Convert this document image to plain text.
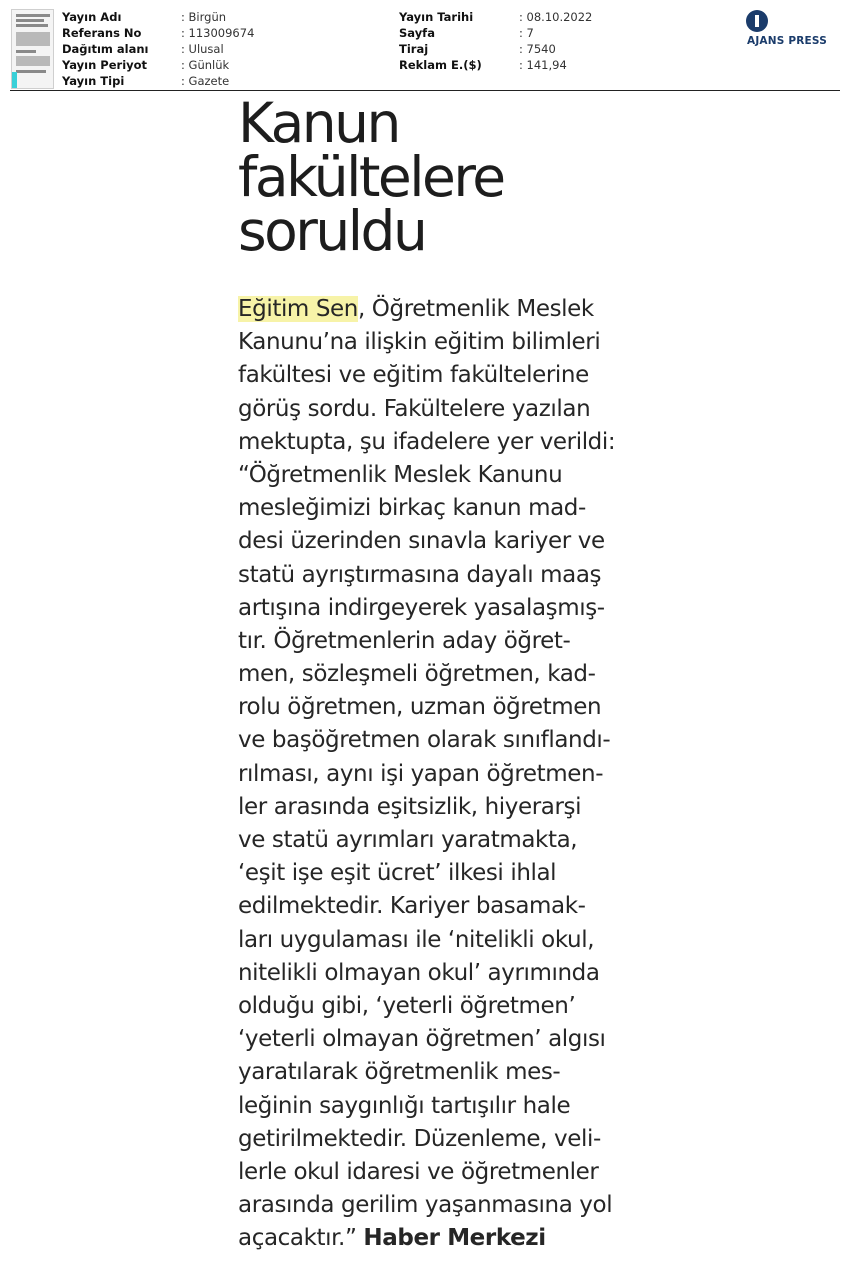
Yayın Adı	: Birgün
Referans No	: 113009674
Dağıtım alanı	: Ulusal
Yayın Periyot	: Günlük
Yayın Tipi	: Gazete
Yayın Tarihi	: 08.10.2022
Sayfa	: 7
Tiraj	: 7540
Reklam E.($)	: 141,94
AJANS PRESS
Kanun
fakültelere
soruldu
Eğitim Sen, Öğretmenlik Meslek
Kanunu’na ilişkin eğitim bilimleri
fakültesi ve eğitim fakültelerine
görüş sordu. Fakültelere yazılan
mektupta, şu ifadelere yer verildi:
“Öğretmenlik Meslek Kanunu
mesleğimizi birkaç kanun mad-
desi üzerinden sınavla kariyer ve
statü ayrıştırmasına dayalı maaş
artışına indirgeyerek yasalaşmış-
tır. Öğretmenlerin aday öğret-
men, sözleşmeli öğretmen, kad-
rolu öğretmen, uzman öğretmen
ve başöğretmen olarak sınıflandı-
rılması, aynı işi yapan öğretmen-
ler arasında eşitsizlik, hiyerarşi
ve statü ayrımları yaratmakta,
‘eşit işe eşit ücret’ ilkesi ihlal
edilmektedir. Kariyer basamak-
ları uygulaması ile ‘nitelikli okul,
nitelikli olmayan okul’ ayrımında
olduğu gibi, ‘yeterli öğretmen’
‘yeterli olmayan öğretmen’ algısı
yaratılarak öğretmenlik mes-
leğinin saygınlığı tartışılır hale
getirilmektedir. Düzenleme, veli-
lerle okul idaresi ve öğretmenler
arasında gerilim yaşanmasına yol
açacaktır.” Haber Merkezi
